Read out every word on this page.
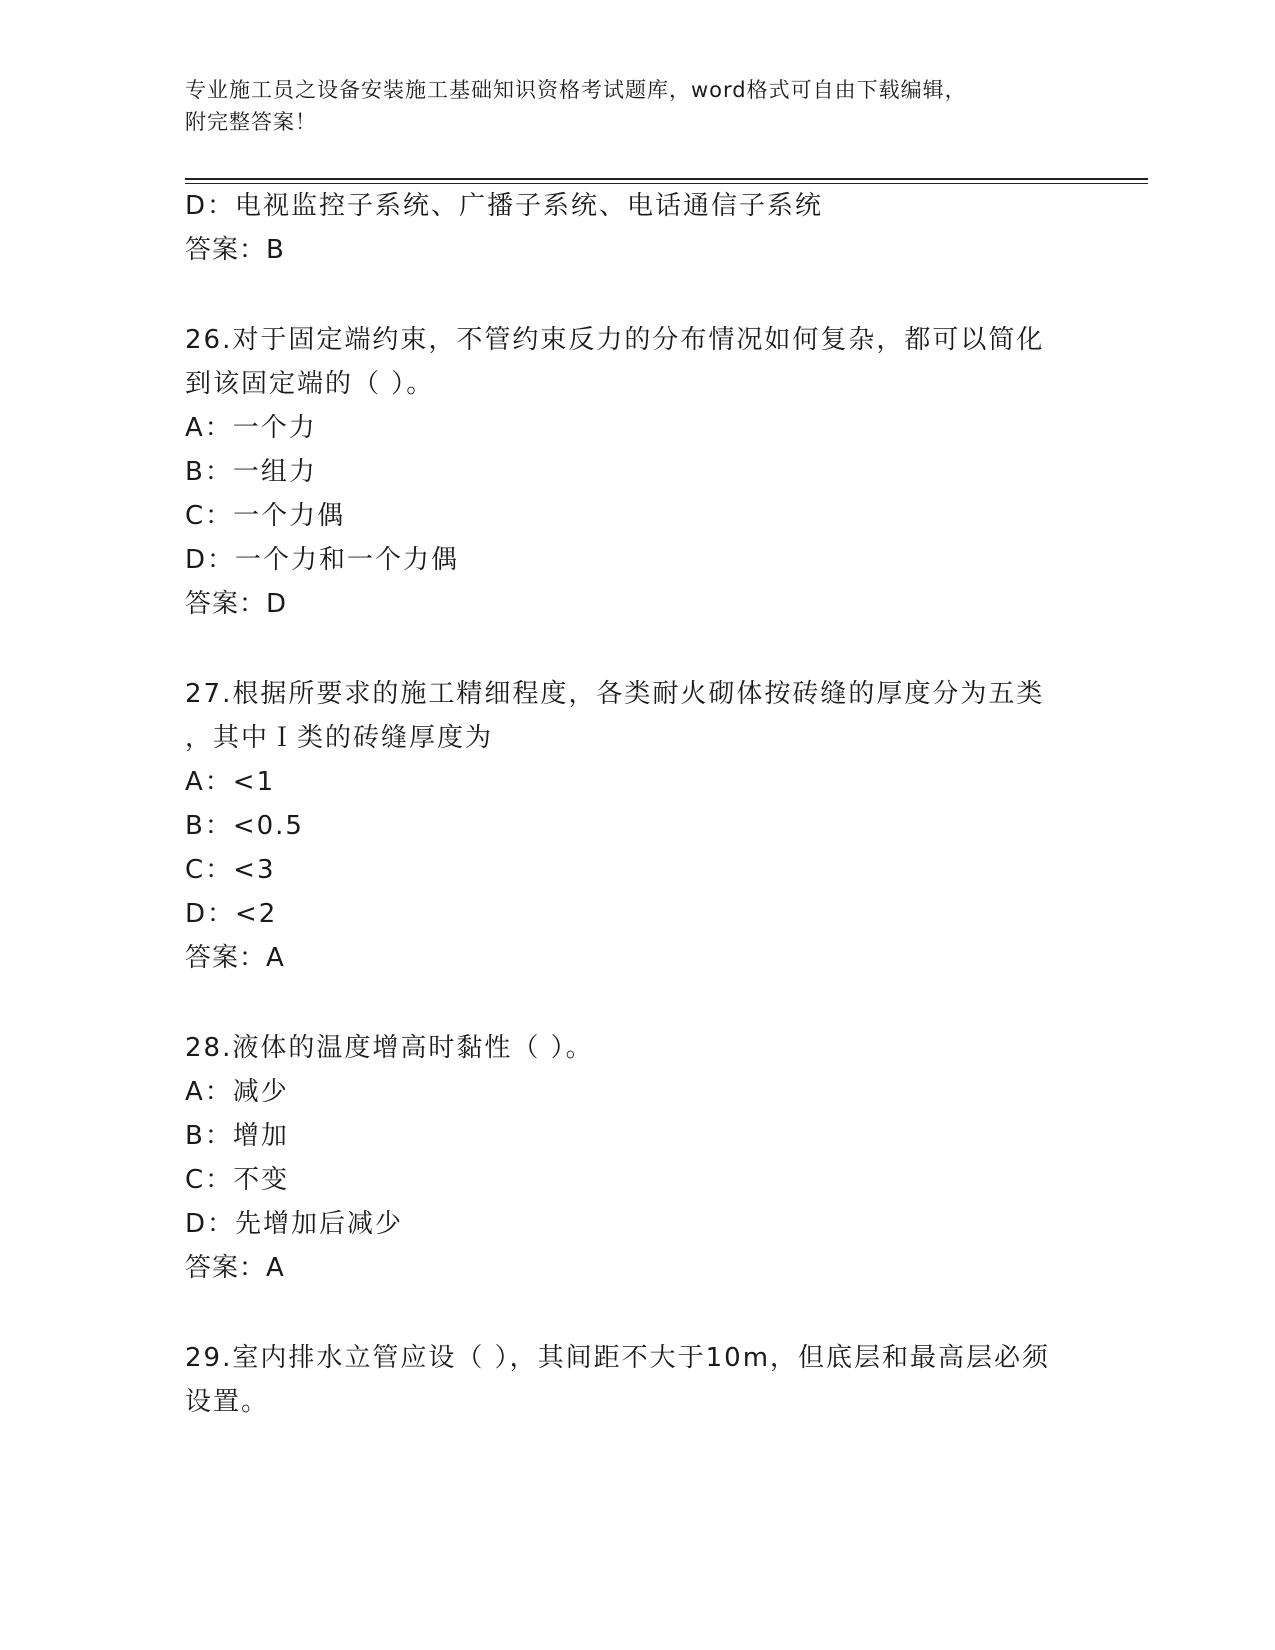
专业施工员之设备安装施工基础知识资格考试题库，word格式可自由下载编辑，
附完整答案！
D：电视监控子系统、广播子系统、电话通信子系统
答案：B
26.对于固定端约束，不管约束反力的分布情况如何复杂，都可以简化
到该固定端的（ ）。
A：一个力
B：一组力
C：一个力偶
D：一个力和一个力偶
答案：D
27.根据所要求的施工精细程度，各类耐火砌体按砖缝的厚度分为五类
，其中Ｉ类的砖缝厚度为
A：<1
B：<0.5
C：<3
D：<2
答案：A
28.液体的温度增高时黏性（ ）。
A：减少
B：增加
C：不变
D：先增加后减少
答案：A
29.室内排水立管应设（ ），其间距不大于10m，但底层和最高层必须
设置。
